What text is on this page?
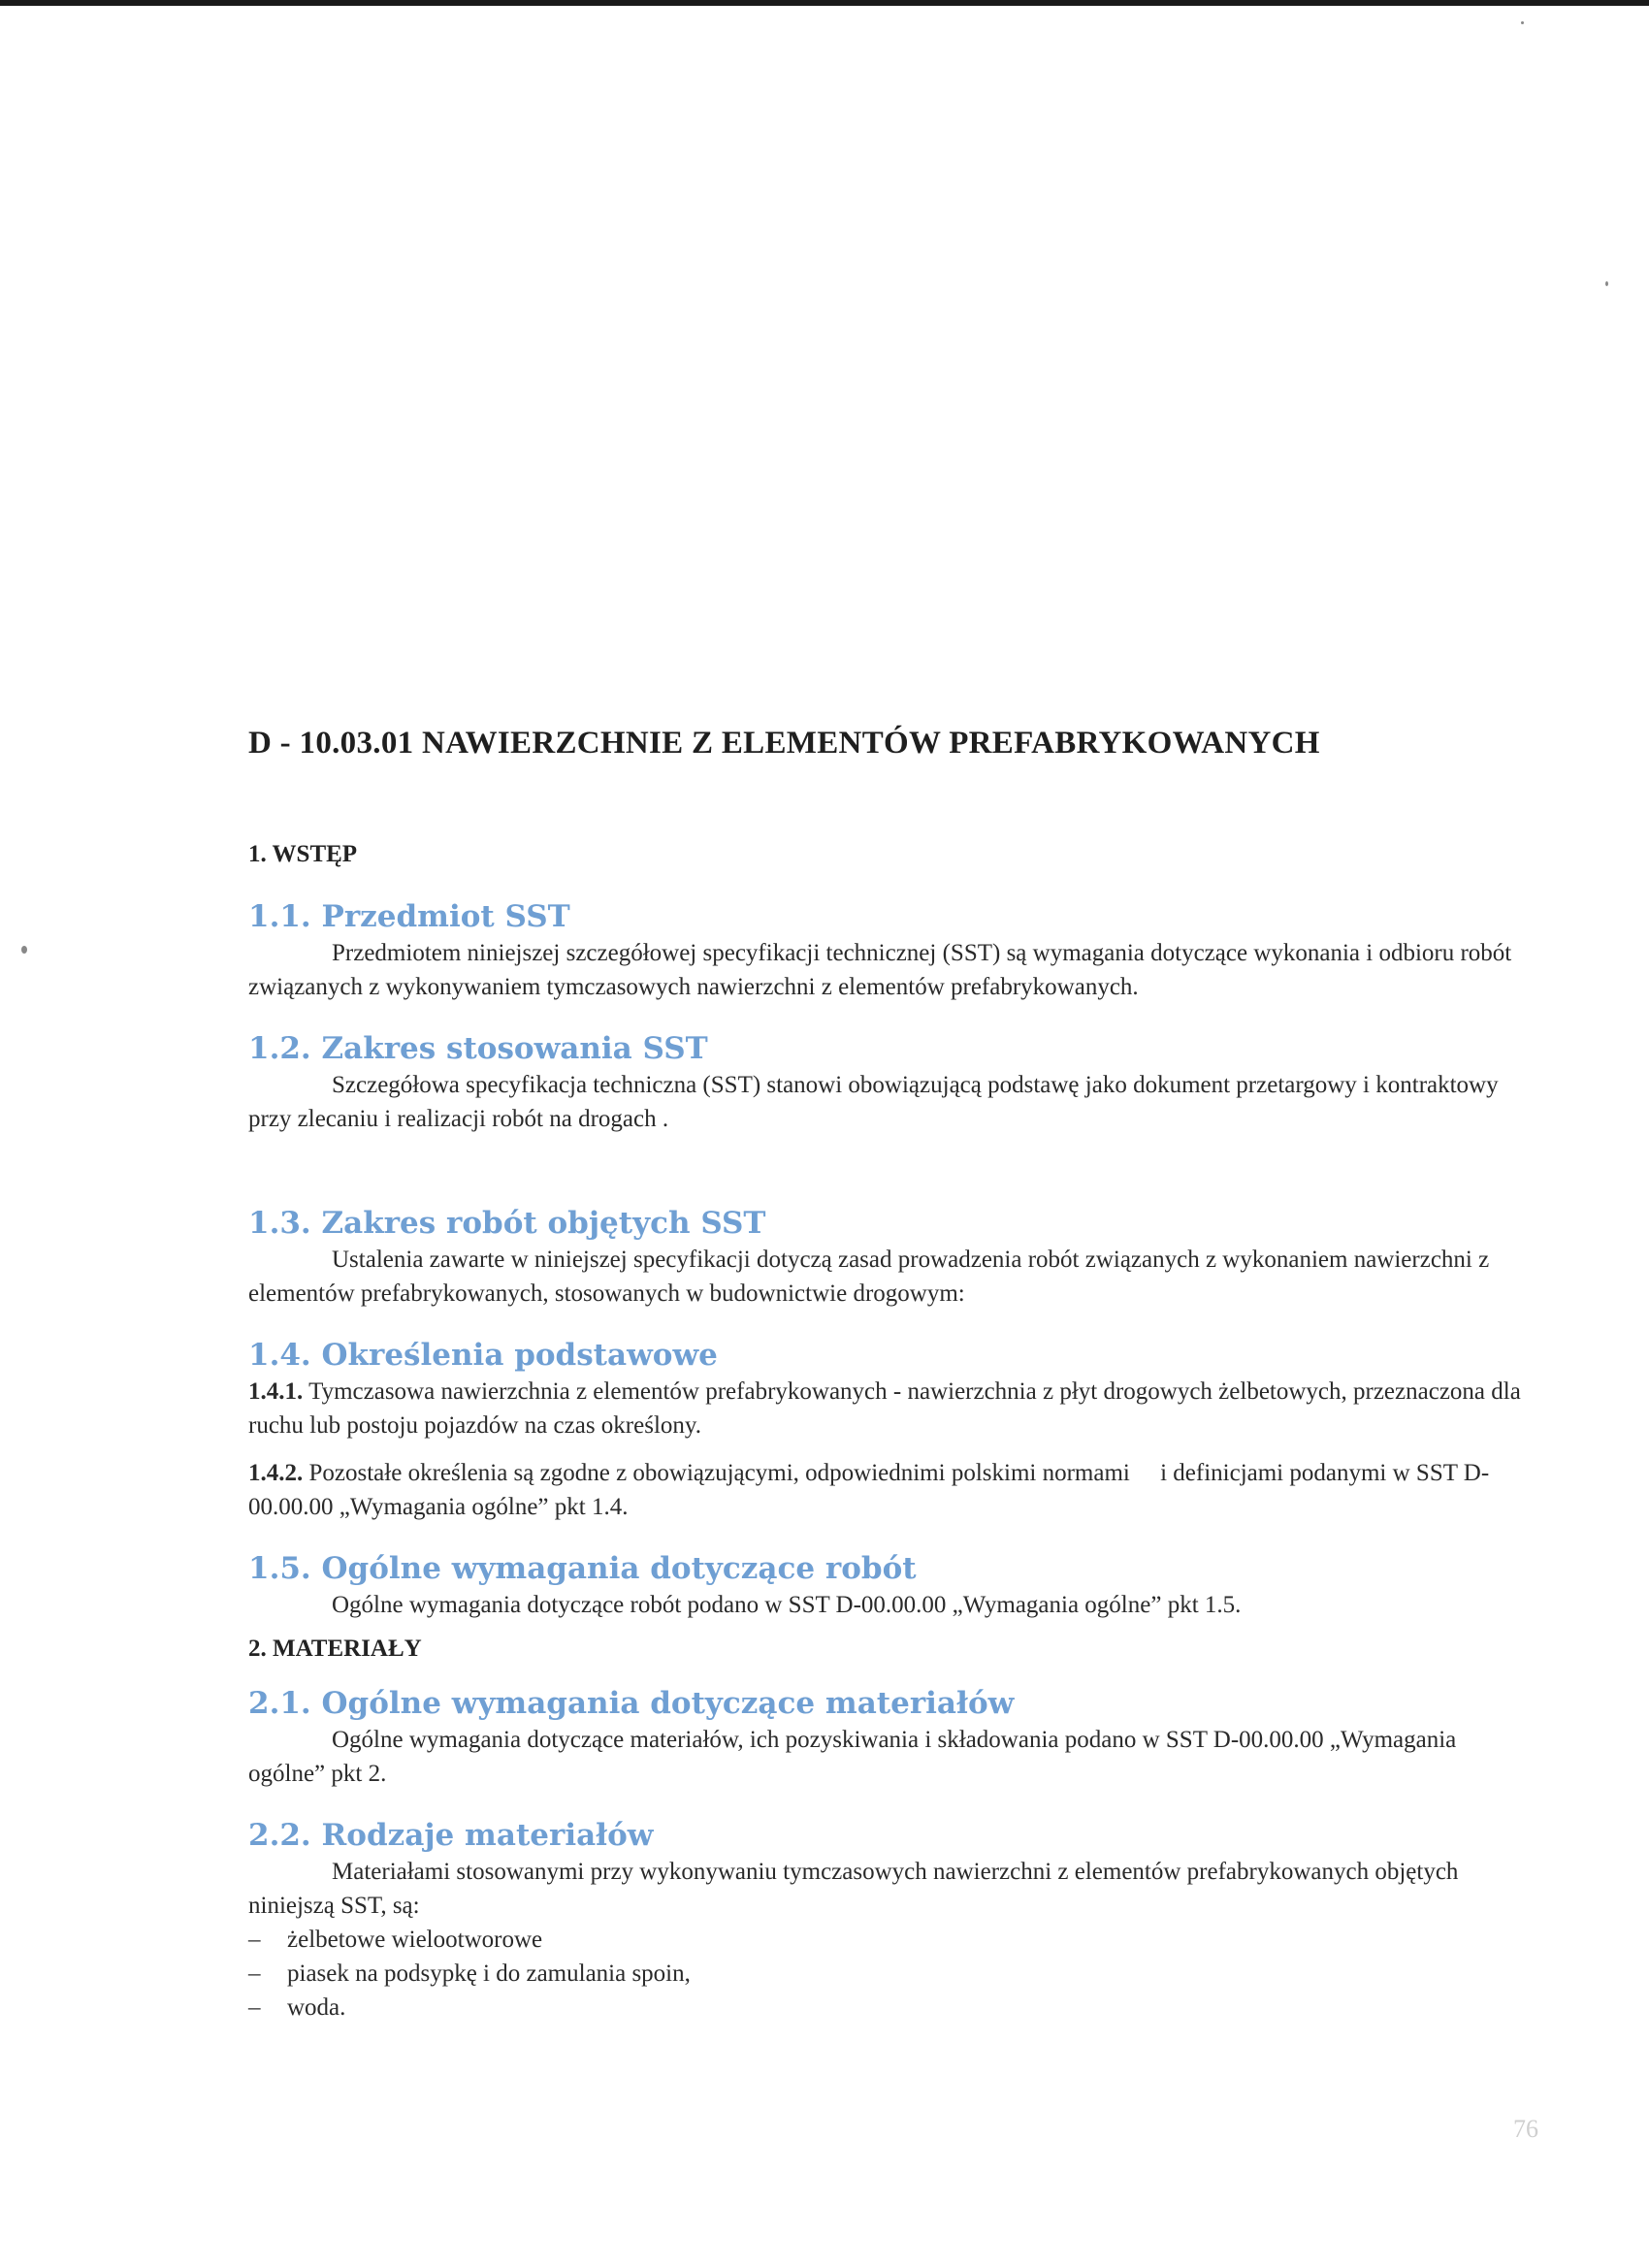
D - 10.03.01 NAWIERZCHNIE Z ELEMENTÓW PREFABRYKOWANYCH
1. WSTĘP
1.1. Przedmiot SST

Przedmiotem niniejszej szczegółowej specyfikacji technicznej (SST) są wymagania dotyczące wykonania i odbioru robót związanych z wykonywaniem tymczasowych nawierzchni z elementów prefabrykowanych.

1.2. Zakres stosowania SST

Szczegółowa specyfikacja techniczna (SST) stanowi obowiązującą podstawę jako dokument przetargowy i kontraktowy przy zlecaniu i realizacji robót na drogach .

1.3. Zakres robót objętych SST

Ustalenia zawarte w niniejszej specyfikacji dotyczą zasad prowadzenia robót związanych z wykonaniem nawierzchni z elementów prefabrykowanych, stosowanych w budownictwie drogowym:

1.4. Określenia podstawowe

1.4.1. Tymczasowa nawierzchnia z elementów prefabrykowanych - nawierzchnia z płyt drogowych żelbetowych, przeznaczona dla ruchu lub postoju pojazdów na czas określony.

1.4.2. Pozostałe określenia są zgodne z obowiązującymi, odpowiednimi polskimi normami     i definicjami podanymi w SST D-00.00.00 „Wymagania ogólne” pkt 1.4.

1.5. Ogólne wymagania dotyczące robót

Ogólne wymagania dotyczące robót podano w SST D-00.00.00 „Wymagania ogólne” pkt 1.5.

2. MATERIAŁY
2.1. Ogólne wymagania dotyczące materiałów

Ogólne wymagania dotyczące materiałów, ich pozyskiwania i składowania podano w SST D-00.00.00 „Wymagania ogólne” pkt 2.

2.2. Rodzaje materiałów

Materiałami stosowanymi przy wykonywaniu tymczasowych nawierzchni z elementów prefabrykowanych objętych niniejszą SST, są:

– żelbetowe wielootworowe
– piasek na podsypkę i do zamulania spoin,
– woda.
76
